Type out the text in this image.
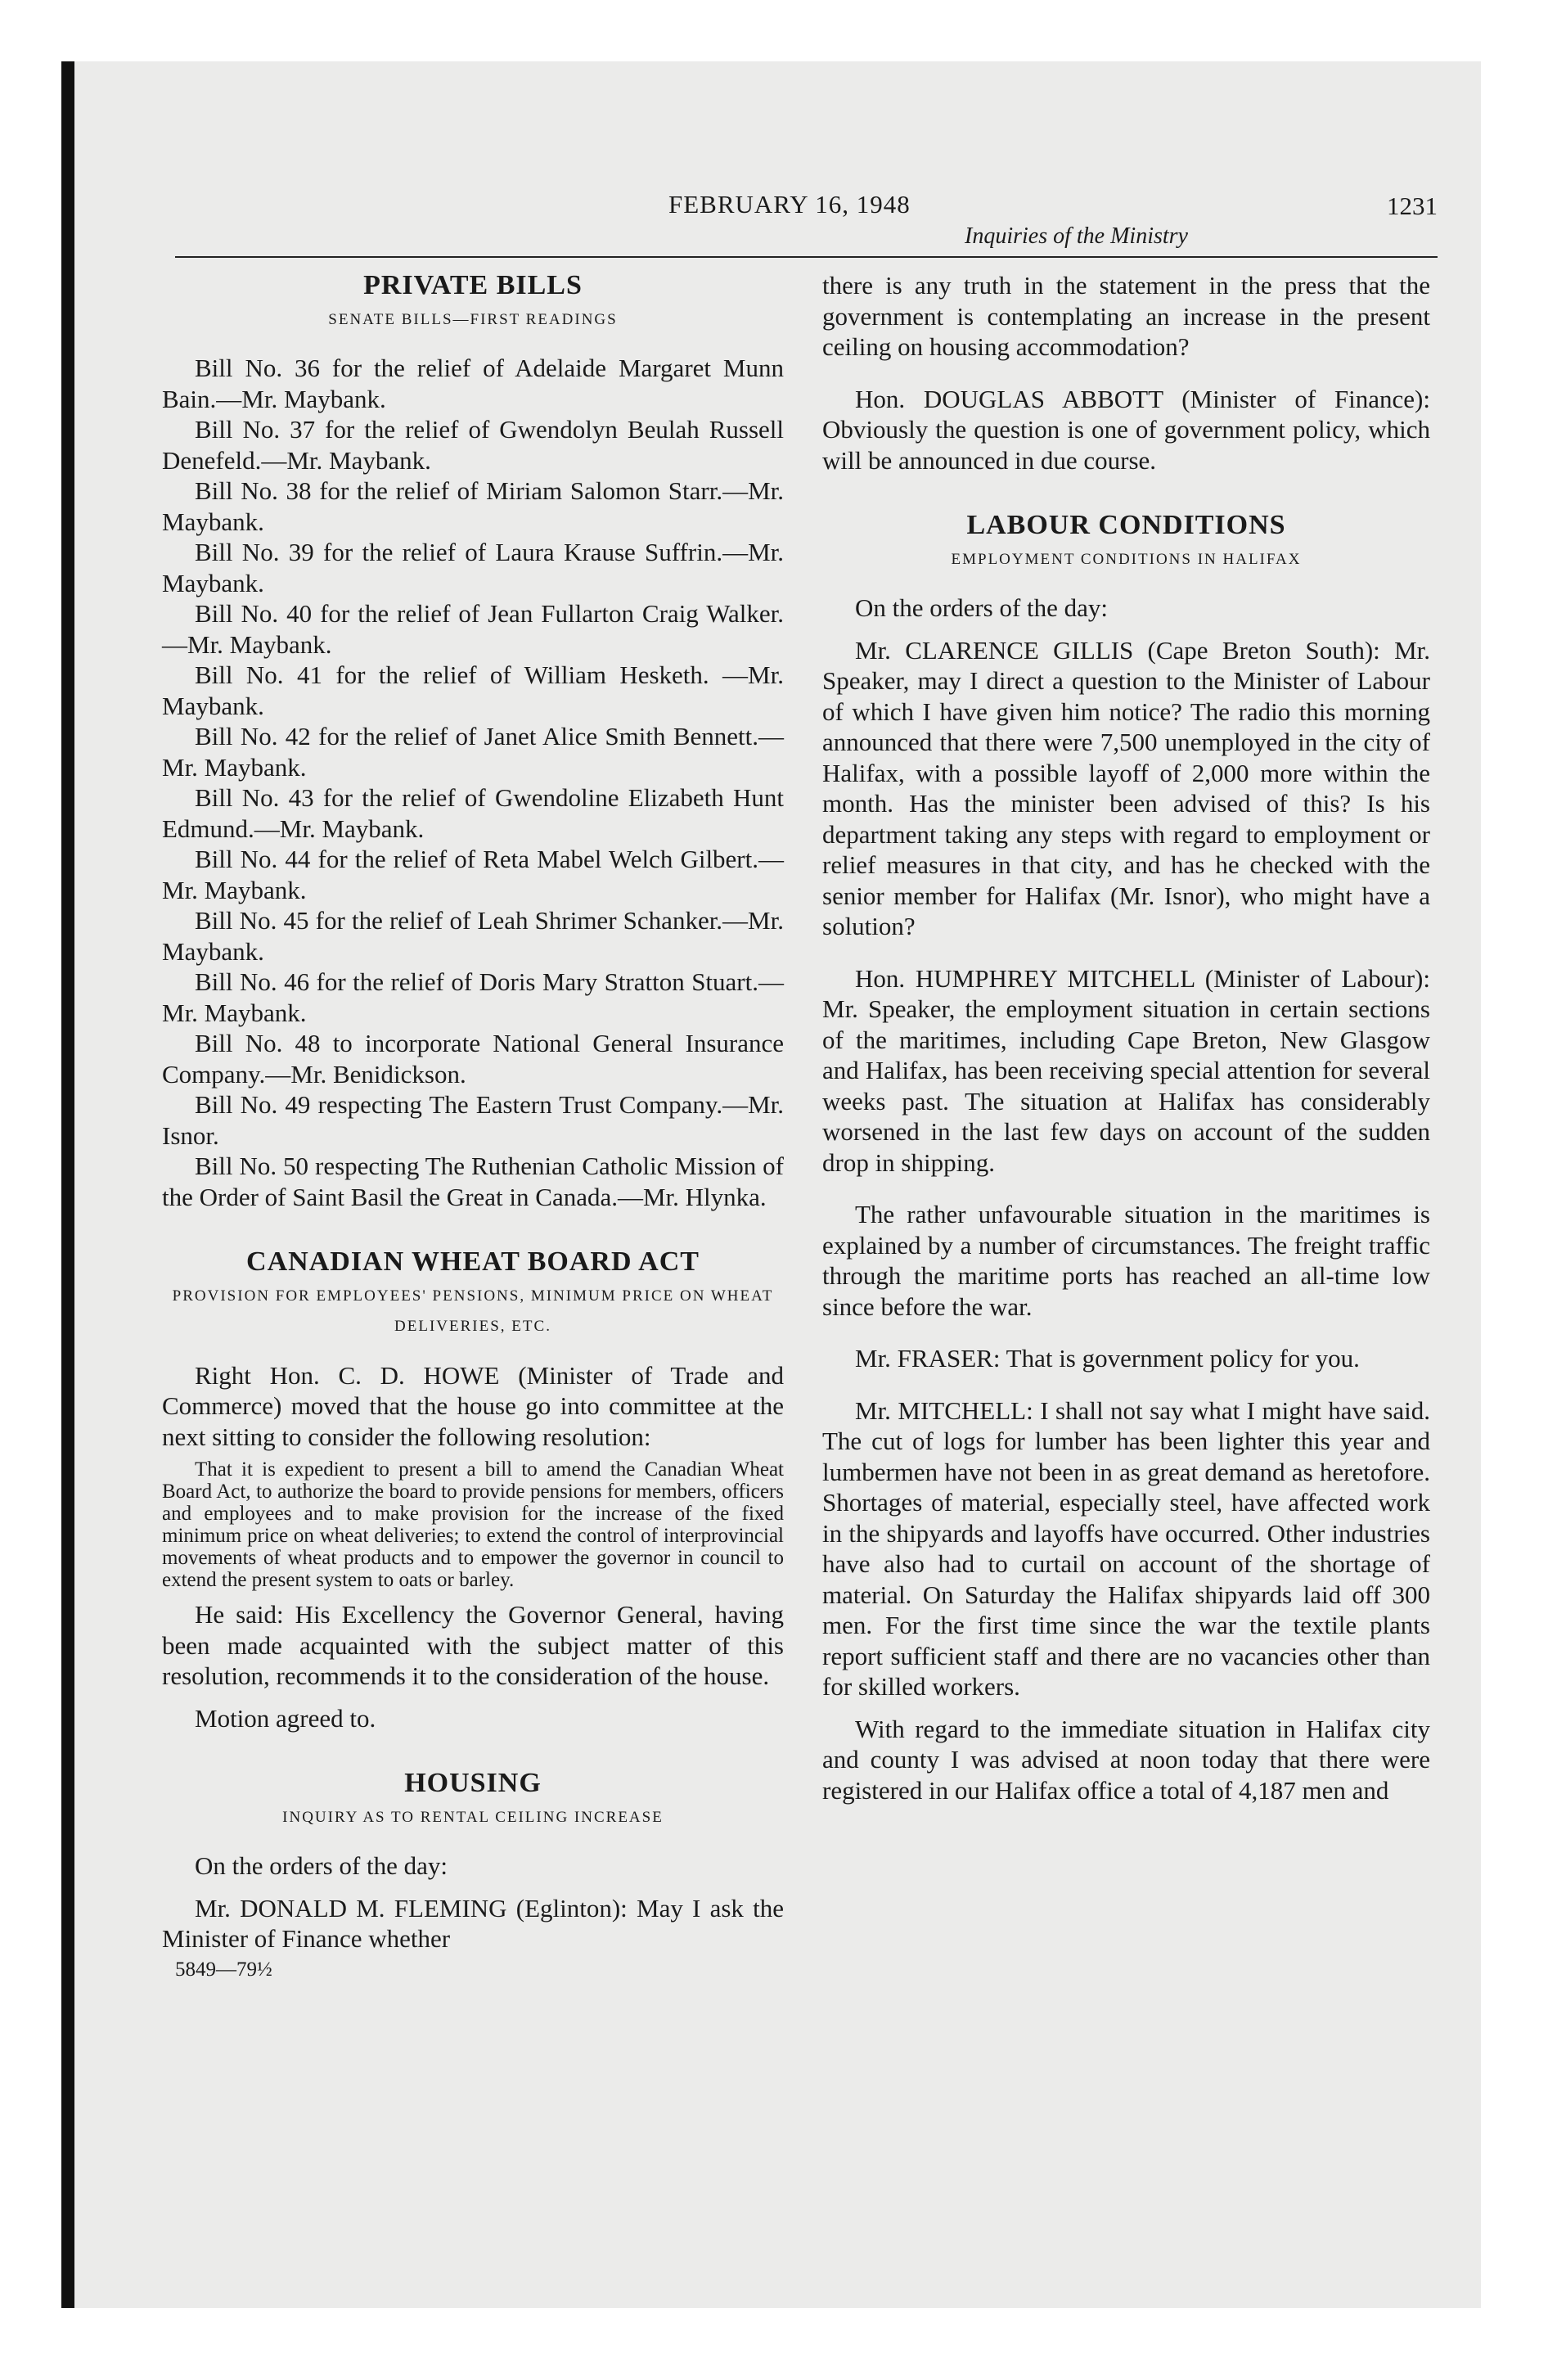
FEBRUARY 16, 1948	1231
Inquiries of the Ministry
PRIVATE BILLS
SENATE BILLS—FIRST READINGS

Bill No. 36 for the relief of Adelaide Margaret Munn Bain.—Mr. Maybank.

Bill No. 37 for the relief of Gwendolyn Beulah Russell Denefeld.—Mr. Maybank.

Bill No. 38 for the relief of Miriam Salomon Starr.—Mr. Maybank.

Bill No. 39 for the relief of Laura Krause Suffrin.—Mr. Maybank.

Bill No. 40 for the relief of Jean Fullarton Craig Walker.—Mr. Maybank.

Bill No. 41 for the relief of William Hesketh. —Mr. Maybank.

Bill No. 42 for the relief of Janet Alice Smith Bennett.—Mr. Maybank.

Bill No. 43 for the relief of Gwendoline Elizabeth Hunt Edmund.—Mr. Maybank.

Bill No. 44 for the relief of Reta Mabel Welch Gilbert.—Mr. Maybank.

Bill No. 45 for the relief of Leah Shrimer Schanker.—Mr. Maybank.

Bill No. 46 for the relief of Doris Mary Stratton Stuart.—Mr. Maybank.

Bill No. 48 to incorporate National General Insurance Company.—Mr. Benidickson.

Bill No. 49 respecting The Eastern Trust Company.—Mr. Isnor.

Bill No. 50 respecting The Ruthenian Catholic Mission of the Order of Saint Basil the Great in Canada.—Mr. Hlynka.

CANADIAN WHEAT BOARD ACT
PROVISION FOR EMPLOYEES' PENSIONS, MINIMUM PRICE ON WHEAT DELIVERIES, ETC.

Right Hon. C. D. HOWE (Minister of Trade and Commerce) moved that the house go into committee at the next sitting to consider the following resolution:

That it is expedient to present a bill to amend the Canadian Wheat Board Act, to authorize the board to provide pensions for members, officers and employees and to make provision for the increase of the fixed minimum price on wheat deliveries; to extend the control of interprovincial movements of wheat products and to empower the governor in council to extend the present system to oats or barley.

He said: His Excellency the Governor General, having been made acquainted with the subject matter of this resolution, recommends it to the consideration of the house.

Motion agreed to.

HOUSING
INQUIRY AS TO RENTAL CEILING INCREASE

On the orders of the day:

Mr. DONALD M. FLEMING (Eglinton): May I ask the Minister of Finance whether

5849—79½

there is any truth in the statement in the press that the government is contemplating an increase in the present ceiling on housing accommodation?

Hon. DOUGLAS ABBOTT (Minister of Finance): Obviously the question is one of government policy, which will be announced in due course.

LABOUR CONDITIONS
EMPLOYMENT CONDITIONS IN HALIFAX

On the orders of the day:

Mr. CLARENCE GILLIS (Cape Breton South): Mr. Speaker, may I direct a question to the Minister of Labour of which I have given him notice? The radio this morning announced that there were 7,500 unemployed in the city of Halifax, with a possible layoff of 2,000 more within the month. Has the minister been advised of this? Is his department taking any steps with regard to employment or relief measures in that city, and has he checked with the senior member for Halifax (Mr. Isnor), who might have a solution?

Hon. HUMPHREY MITCHELL (Minister of Labour): Mr. Speaker, the employment situation in certain sections of the maritimes, including Cape Breton, New Glasgow and Halifax, has been receiving special attention for several weeks past. The situation at Halifax has considerably worsened in the last few days on account of the sudden drop in shipping.

The rather unfavourable situation in the maritimes is explained by a number of circumstances. The freight traffic through the maritime ports has reached an all-time low since before the war.

Mr. FRASER: That is government policy for you.

Mr. MITCHELL: I shall not say what I might have said. The cut of logs for lumber has been lighter this year and lumbermen have not been in as great demand as heretofore. Shortages of material, especially steel, have affected work in the shipyards and layoffs have occurred. Other industries have also had to curtail on account of the shortage of material. On Saturday the Halifax shipyards laid off 300 men. For the first time since the war the textile plants report sufficient staff and there are no vacancies other than for skilled workers.

With regard to the immediate situation in Halifax city and county I was advised at noon today that there were registered in our Halifax office a total of 4,187 men and
